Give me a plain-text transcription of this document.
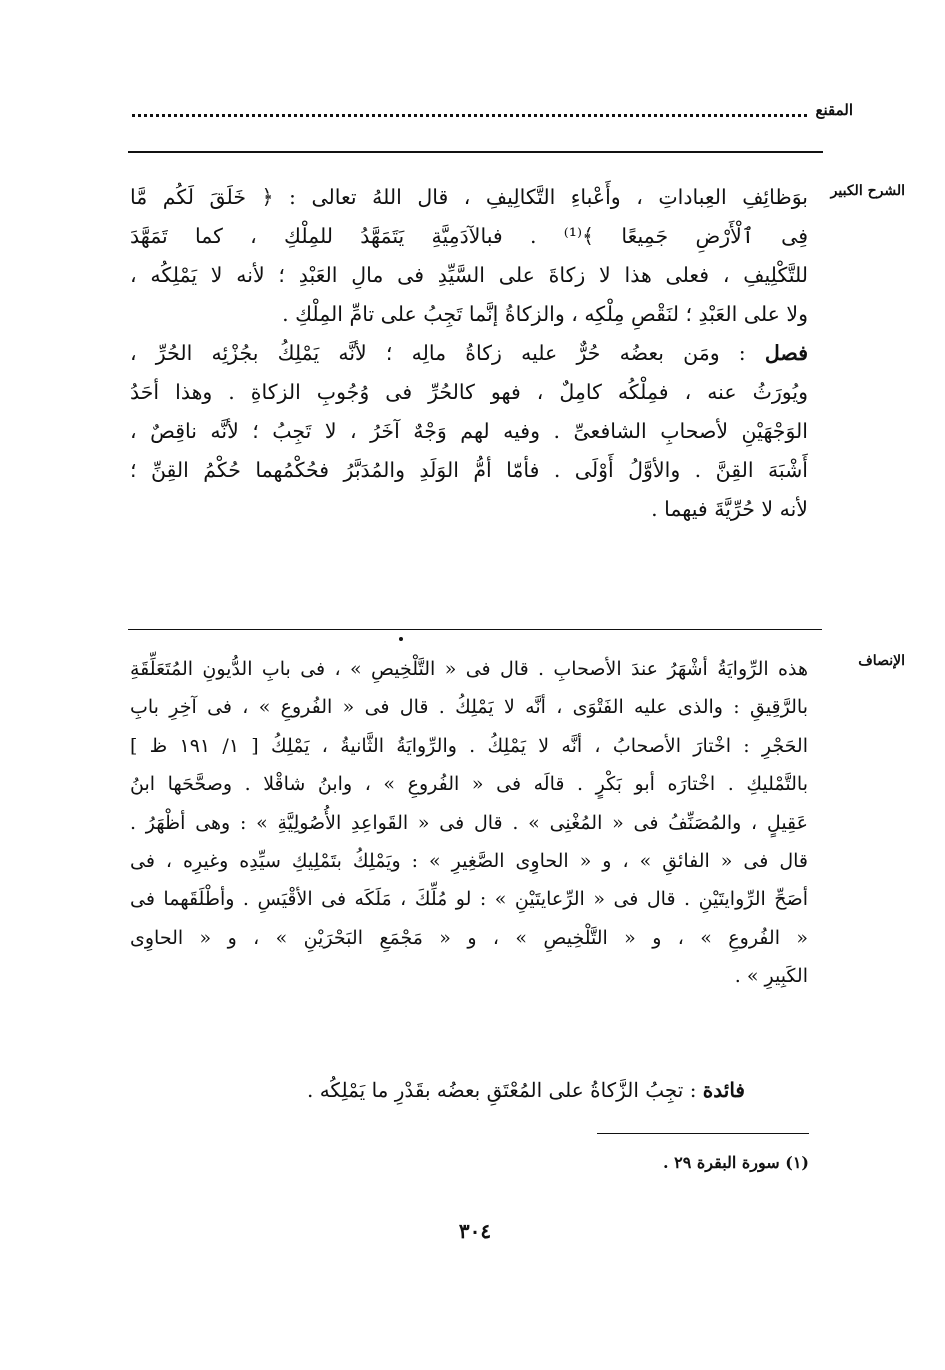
المقنع
الشرح الكبير
بوَظائِفِ العِباداتِ ، وأَعْباءِ التَّكالِيفِ ، قال اللهُ تعالى : ﴿ خَلَقَ لَكُم مَّا
فِى ٱلْأَرْضِ جَمِيعًا ﴾⁽¹⁾ . فبالآدَمِيَّةِ يَتَمَهَّدُ للمِلْكِ ، كما تَمَهَّدَ
للتَّكْلِيفِ ، فعلى هذا لا زكاةَ على السَّيِّدِ فى مالِ العَبْدِ ؛ لأنه لا يَمْلِكُه ،
ولا على العَبْدِ ؛ لنَقْصِ مِلْكِه ، والزكاةُ إنَّما تَجِبُ على تامِّ المِلْكِ .
فصل : ومَن بعضُه حُرٌّ عليه زكاةُ مالِه ؛ لأنَّه يَمْلِكُ بجُزْئِه الحُرِّ ،
ويُورَثُ عنه ، فمِلْكُه كامِلٌ ، فهو كالحُرِّ فى وُجُوبِ الزكاةِ . وهذا أحَدُ
الوَجْهَيْنِ لأصحابِ الشافعىِّ . وفيه لهم وَجْهٌ آخَرُ ، لا تَجِبُ ؛ لأنَّه ناقِصٌ ،
أَشْبَهَ القِنَّ . والأوَّلُ أَوْلَى . فأمّا أمُّ الوَلَدِ والمُدَبَّرُ فحُكْمُهما حُكْمُ القِنِّ ؛
لأنه لا حُرِّيَّةَ فيهما .
الإنصاف
هذه الرِّوايَةُ أشْهَرُ عندَ الأصحابِ . قال فى « التَّلْخِيصِ » ، فى بابِ الدُّيونِ المُتَعَلِّقَةِ
بالرَّقِيقِ : والذى عليه الفَتْوَى ، أنَّه لا يَمْلِكُ . قال فى « الفُروعِ » ، فى آخِرِ بابِ
الحَجْرِ : اخْتارَ الأصحابُ ، أنَّه لا يَمْلِكُ . والرِّوايَةُ الثَّانيةُ ، يَمْلِكُ [ ١/ ١٩١ ظ ]
بالتَّمْليكِ . اخْتارَه أبو بَكْرٍ . قالَه فى « الفُروعِ » ، وابنُ شاقْلا . وصحَّحَها ابنُ
عَقِيلٍ ، والمُصَنِّفُ فى « المُغْنِى » . قال فى « القَواعِدِ الأُصُولِيَّةِ » : وهى أظْهَرُ .
قال فى « الفائقِ » ، و « الحاوِى الصَّغِيرِ » : ويَمْلِكُ بتَمْلِيكِ سيِّدِه وغيرِه ، فى
أصَحِّ الرِّوايتَيْنِ . قال فى « الرِّعايتَيْنِ » : لو مُلِّكَ ، مَلَكَه فى الأقْيَسِ . وأطْلَقَهما فى
« الفُروعِ » ، و « التَّلْخِيصِ » ، و « مَجْمَعِ البَحْرَيْنِ » ، و « الحاوِى
الكَبِيرِ » .
فائدة : تجِبُ الزَّكاةُ على المُعْتَقِ بعضُه بقَدْرِ ما يَمْلِكُه .
(١) سورة البقرة ٢٩ .
٣٠٤
